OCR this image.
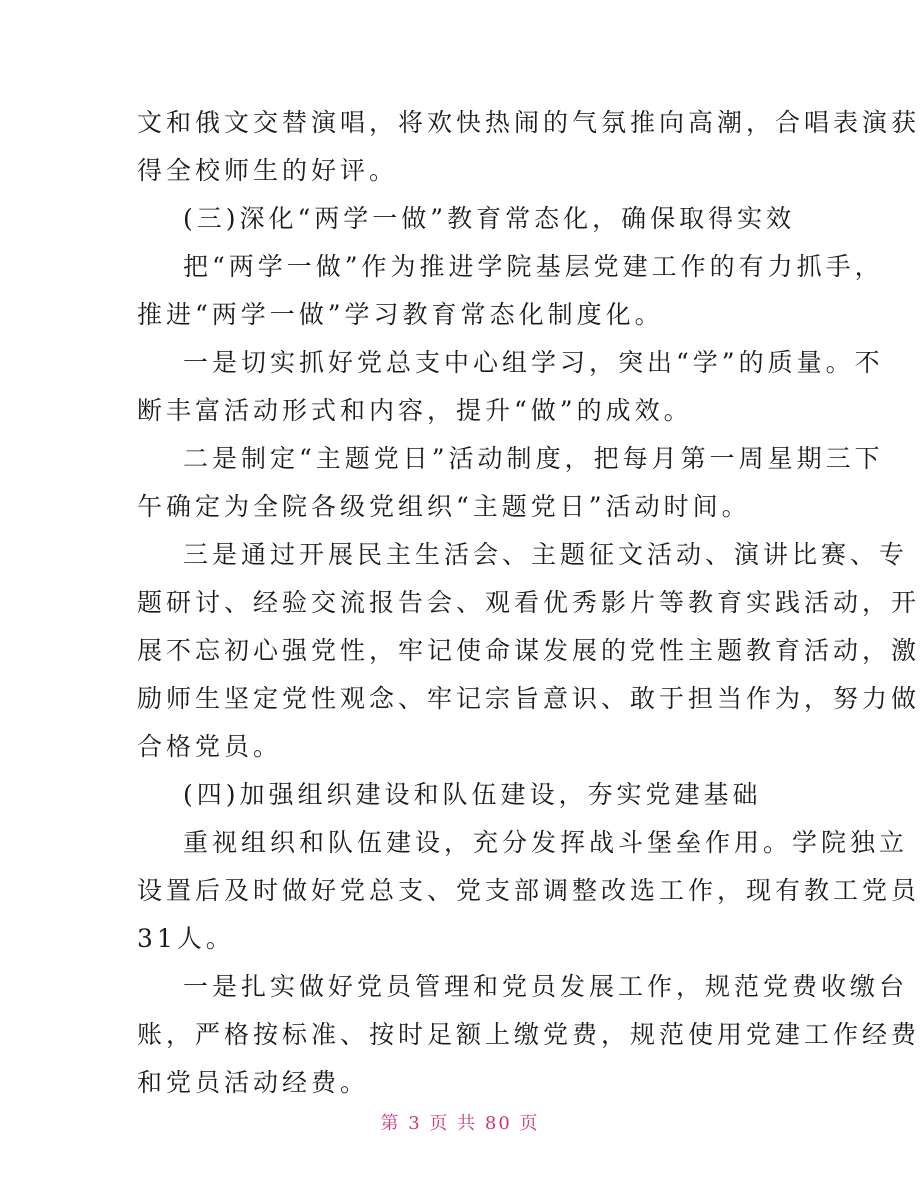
文和俄文交替演唱，将欢快热闹的气氛推向高潮，合唱表演获
得全校师生的好评。
(三)深化“两学一做”教育常态化，确保取得实效
把“两学一做”作为推进学院基层党建工作的有力抓手，
推进“两学一做”学习教育常态化制度化。
一是切实抓好党总支中心组学习，突出“学”的质量。不
断丰富活动形式和内容，提升“做”的成效。
二是制定“主题党日”活动制度，把每月第一周星期三下
午确定为全院各级党组织“主题党日”活动时间。
三是通过开展民主生活会、主题征文活动、演讲比赛、专
题研讨、经验交流报告会、观看优秀影片等教育实践活动，开
展不忘初心强党性，牢记使命谋发展的党性主题教育活动，激
励师生坚定党性观念、牢记宗旨意识、敢于担当作为，努力做
合格党员。
(四)加强组织建设和队伍建设，夯实党建基础
重视组织和队伍建设，充分发挥战斗堡垒作用。学院独立
设置后及时做好党总支、党支部调整改选工作，现有教工党员
31人。
一是扎实做好党员管理和党员发展工作，规范党费收缴台
账，严格按标准、按时足额上缴党费，规范使用党建工作经费
和党员活动经费。
第 3 页 共 80 页
